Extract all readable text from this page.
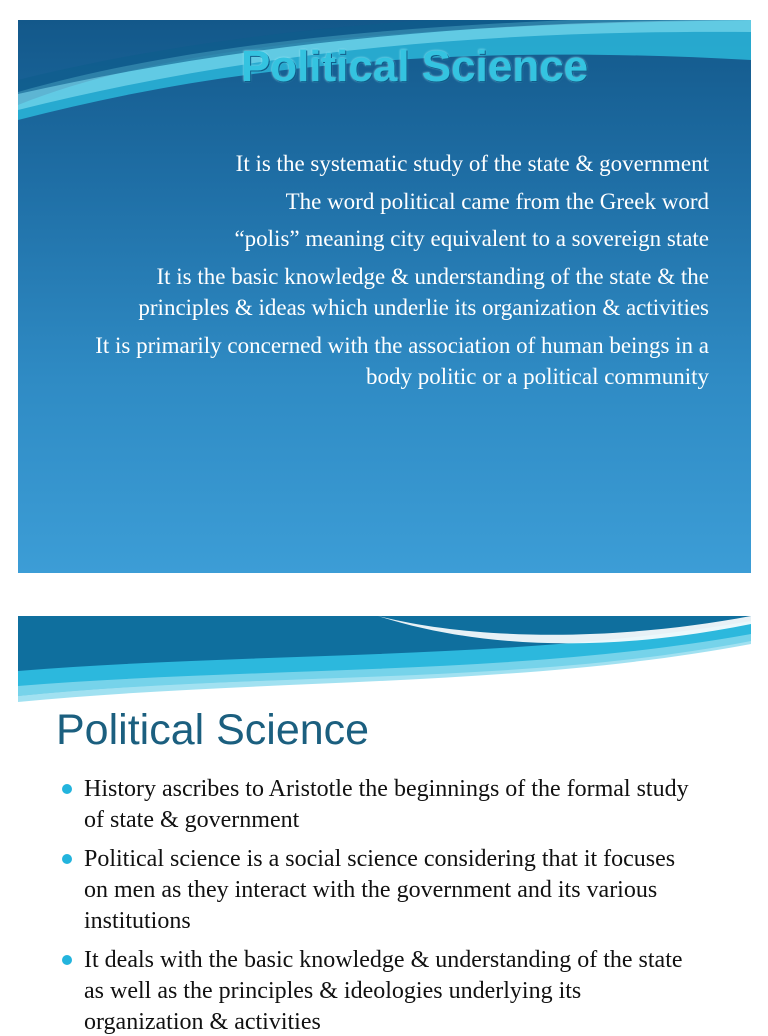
Political Science
It is the systematic study of the state & government
The word political came from the Greek word
“polis” meaning city equivalent to a sovereign state
It is the basic knowledge & understanding of the state & the principles & ideas which underlie its organization & activities
It is primarily concerned with the association of human beings in a body politic or a political community
Political Science
History ascribes to Aristotle the beginnings of the formal study of state & government
Political science is a social science considering that it focuses on men as they interact with the government and its various institutions
It deals with the basic knowledge & understanding of the state as well as the principles & ideologies underlying its organization & activities
